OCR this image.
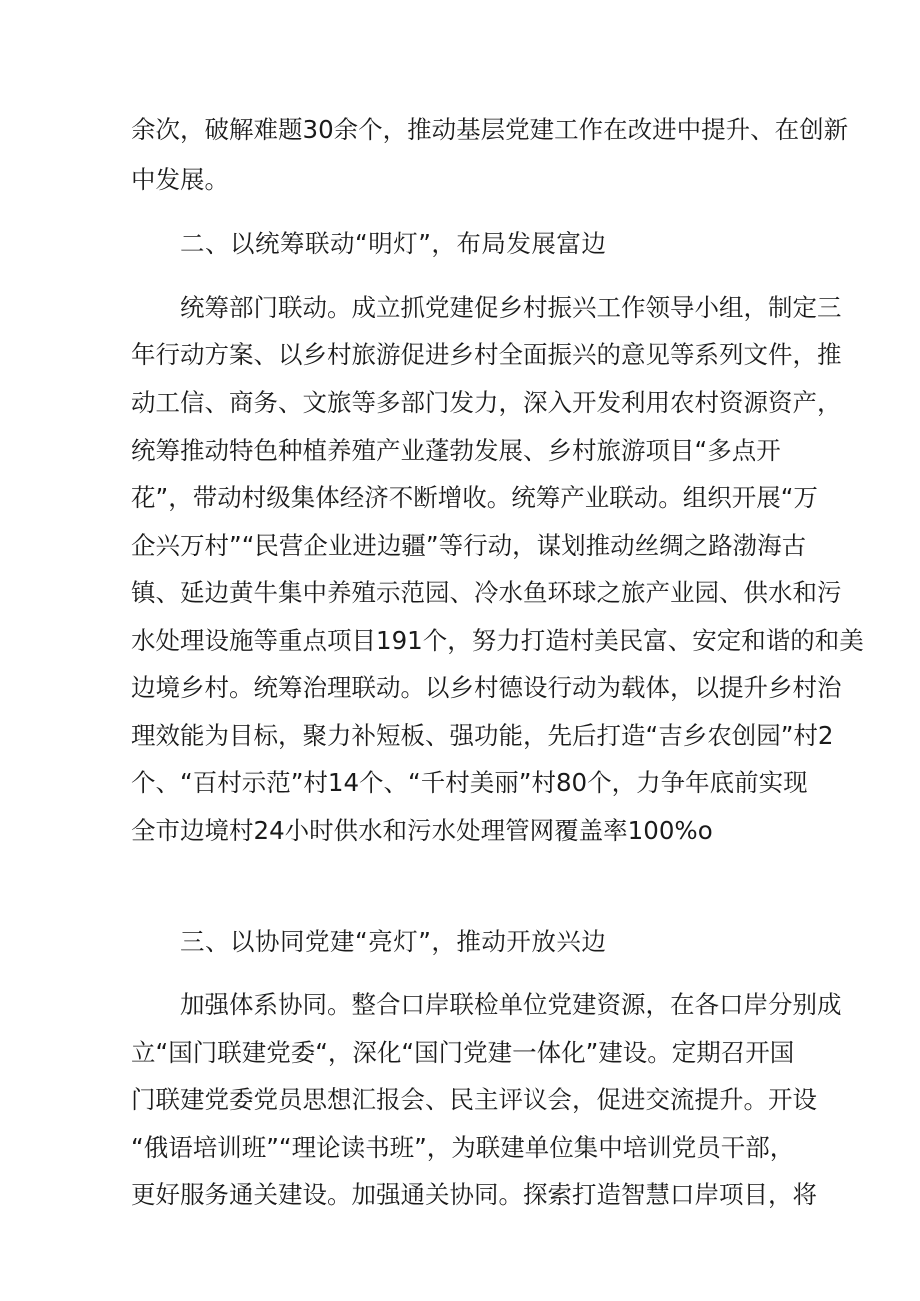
余次，破解难题30余个，推动基层党建工作在改进中提升、在创新
中发展。
二、以统筹联动“明灯”，布局发展富边
统筹部门联动。成立抓党建促乡村振兴工作领导小组，制定三
年行动方案、以乡村旅游促进乡村全面振兴的意见等系列文件，推
动工信、商务、文旅等多部门发力，深入开发利用农村资源资产，
统筹推动特色种植养殖产业蓬勃发展、乡村旅游项目“多点开
花”，带动村级集体经济不断增收。统筹产业联动。组织开展“万
企兴万村”“民营企业进边疆”等行动，谋划推动丝绸之路渤海古
镇、延边黄牛集中养殖示范园、冷水鱼环球之旅产业园、供水和污
水处理设施等重点项目191个，努力打造村美民富、安定和谐的和美
边境乡村。统筹治理联动。以乡村德设行动为载体，以提升乡村治
理效能为目标，聚力补短板、强功能，先后打造“吉乡农创园”村2
个、“百村示范”村14个、“千村美丽”村80个，力争年底前实现
全市边境村24小时供水和污水处理管网覆盖率100%o
三、以协同党建“亮灯”，推动开放兴边
加强体系协同。整合口岸联检单位党建资源，在各口岸分别成
立“国门联建党委“，深化“国门党建一体化”建设。定期召开国
门联建党委党员思想汇报会、民主评议会，促进交流提升。开设
“俄语培训班”“理论读书班”，为联建单位集中培训党员干部，
更好服务通关建设。加强通关协同。探索打造智慧口岸项目，将
